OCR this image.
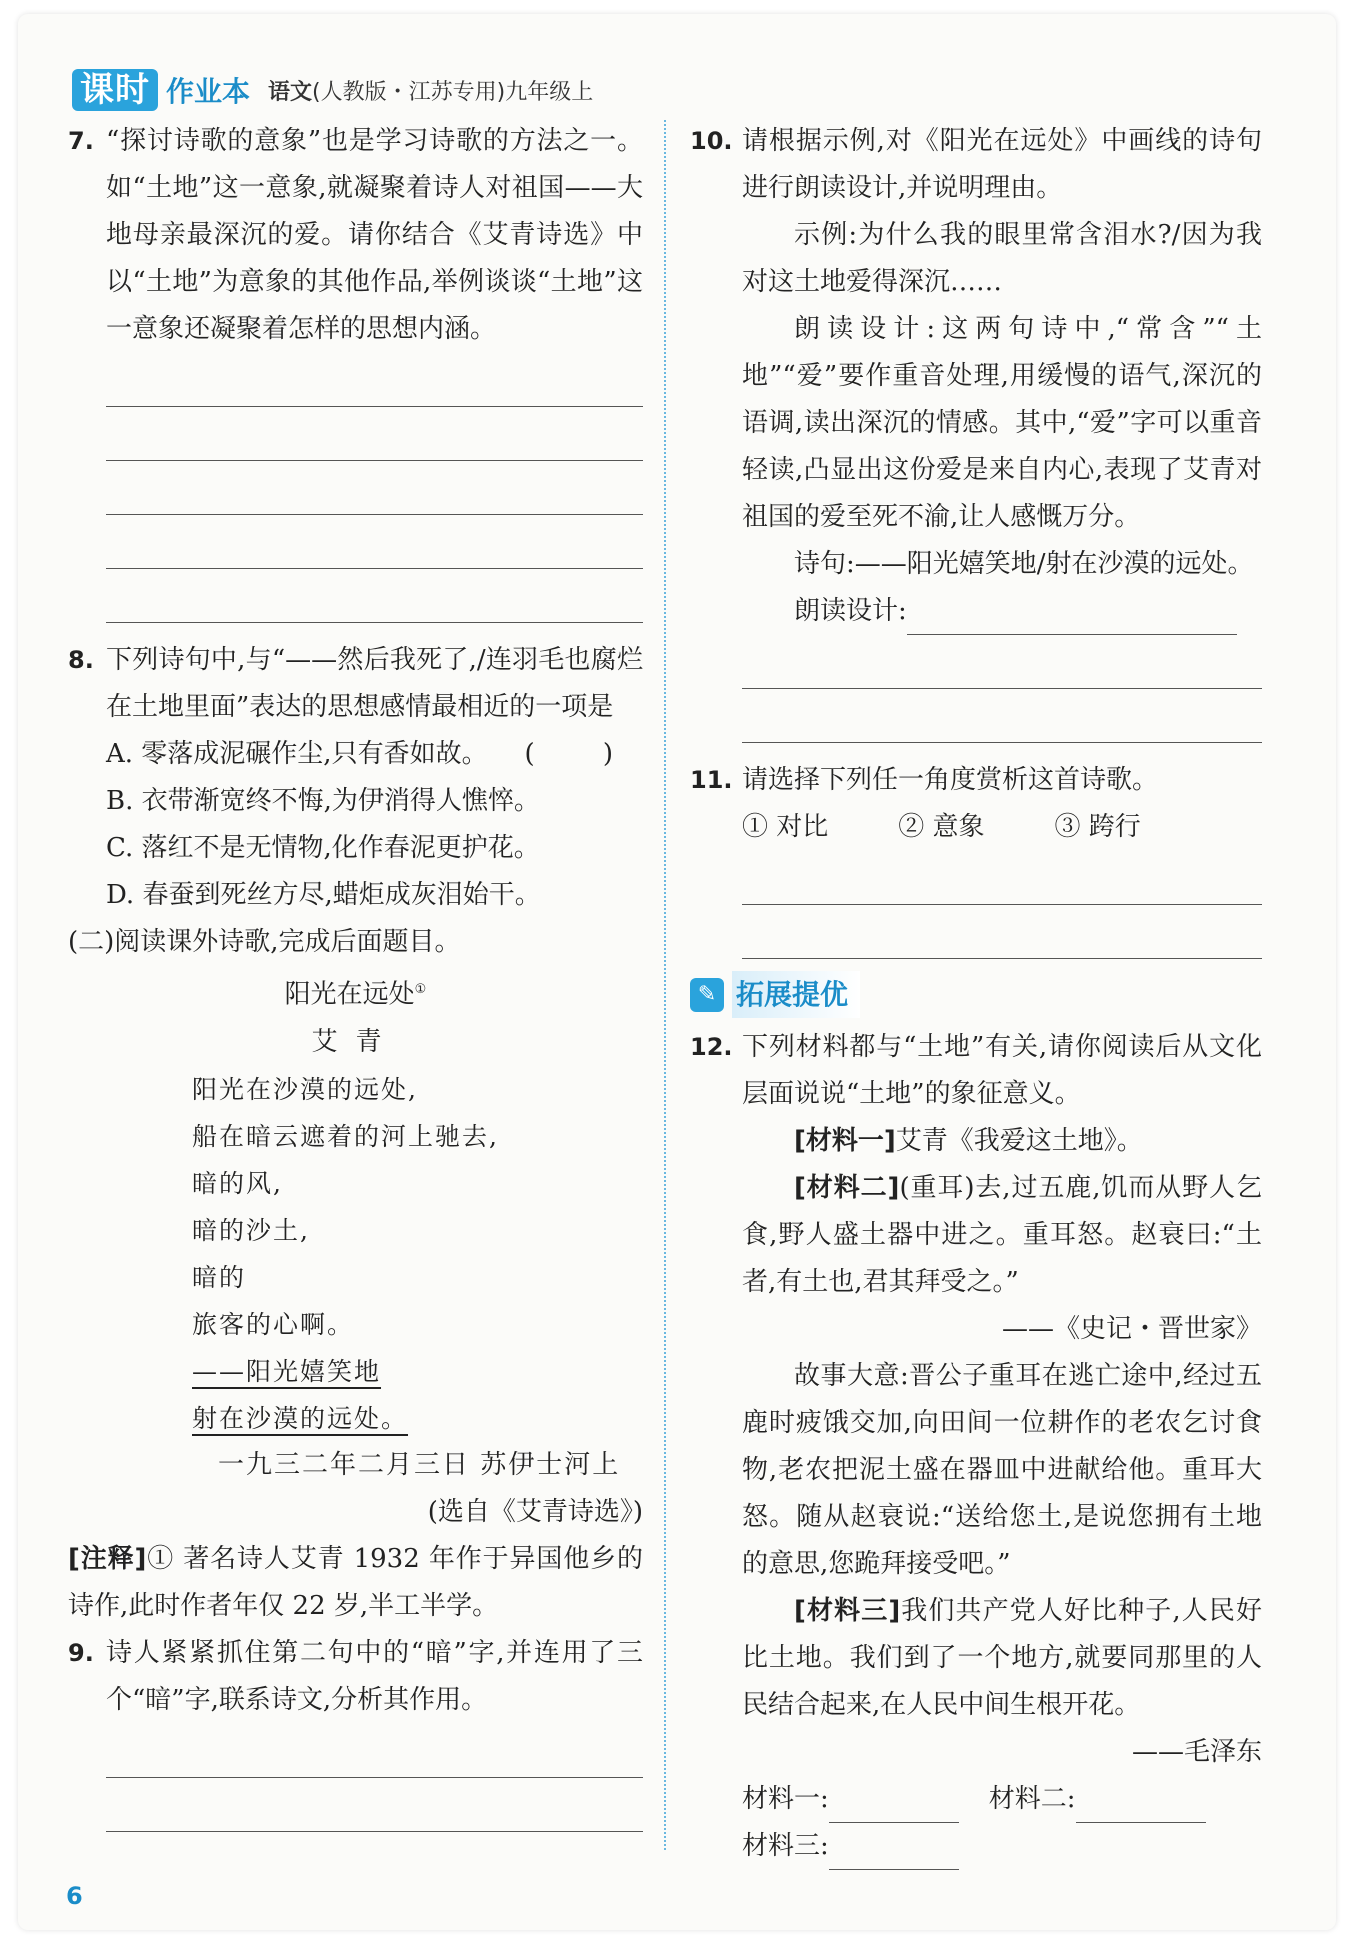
课时 作业本 语文(人教版・江苏专用)九年级上
7. “探讨诗歌的意象”也是学习诗歌的方法之一。如“土地”这一意象,就凝聚着诗人对祖国——大地母亲最深沉的爱。请你结合《艾青诗选》中以“土地”为意象的其他作品,举例谈谈“土地”这一意象还凝聚着怎样的思想内涵。
8. 下列诗句中,与“——然后我死了,/连羽毛也腐烂在土地里面”表达的思想感情最相近的一项是
( )
A. 零落成泥碾作尘,只有香如故。
B. 衣带渐宽终不悔,为伊消得人憔悴。
C. 落红不是无情物,化作春泥更护花。
D. 春蚕到死丝方尽,蜡炬成灰泪始干。
(二)阅读课外诗歌,完成后面题目。
阳光在远处①
艾青
阳光在沙漠的远处,
船在暗云遮着的河上驰去,
暗的风,
暗的沙土,
暗的
旅客的心啊。
——阳光嬉笑地
射在沙漠的远处。
一九三二年二月三日 苏伊士河上
(选自《艾青诗选》)
[注释]① 著名诗人艾青 1932 年作于异国他乡的诗作,此时作者年仅 22 岁,半工半学。
9. 诗人紧紧抓住第二句中的“暗”字,并连用了三个“暗”字,联系诗文,分析其作用。
10. 请根据示例,对《阳光在远处》中画线的诗句进行朗读设计,并说明理由。
示例:为什么我的眼里常含泪水?/因为我对这土地爱得深沉……
朗读设计:这两句诗中,“常含”“土地”“爱”要作重音处理,用缓慢的语气,深沉的语调,读出深沉的情感。其中,“爱”字可以重音轻读,凸显出这份爱是来自内心,表现了艾青对祖国的爱至死不渝,让人感慨万分。
诗句:——阳光嬉笑地/射在沙漠的远处。
朗读设计:
11. 请选择下列任一角度赏析这首诗歌。
① 对比	② 意象	③ 跨行
✎ 拓展提优
12. 下列材料都与“土地”有关,请你阅读后从文化层面说说“土地”的象征意义。
[材料一]艾青《我爱这土地》。
[材料二](重耳)去,过五鹿,饥而从野人乞食,野人盛土器中进之。重耳怒。赵衰曰:“土者,有土也,君其拜受之。”
——《史记・晋世家》
故事大意:晋公子重耳在逃亡途中,经过五鹿时疲饿交加,向田间一位耕作的老农乞讨食物,老农把泥土盛在器皿中进献给他。重耳大怒。随从赵衰说:“送给您土,是说您拥有土地的意思,您跪拜接受吧。”
[材料三]我们共产党人好比种子,人民好比土地。我们到了一个地方,就要同那里的人民结合起来,在人民中间生根开花。
——毛泽东
材料一:	材料二:
材料三:
6
